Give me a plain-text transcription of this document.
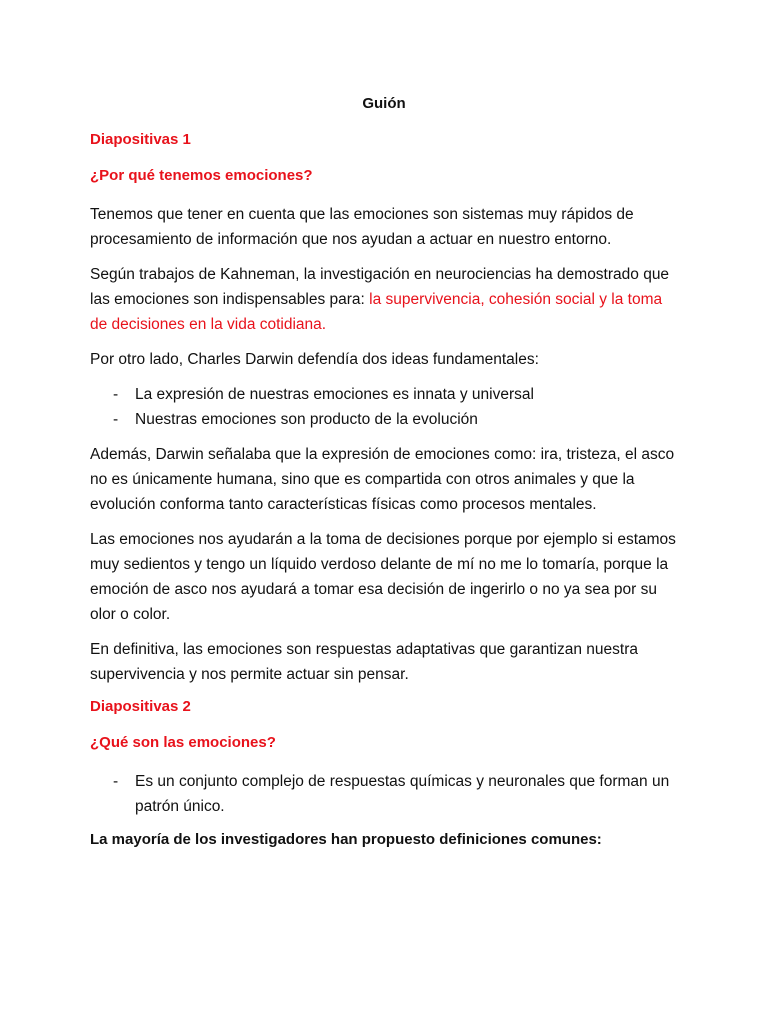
Guión
Diapositivas 1
¿Por qué tenemos emociones?

Tenemos que tener en cuenta que las emociones son sistemas muy rápidos de procesamiento de información que nos ayudan a actuar en nuestro entorno.

Según trabajos de Kahneman, la investigación en neurociencias ha demostrado que las emociones son indispensables para: la supervivencia, cohesión social y la toma de decisiones en la vida cotidiana.

Por otro lado, Charles Darwin defendía dos ideas fundamentales:

- La expresión de nuestras emociones es innata y universal
- Nuestras emociones son producto de la evolución

Además, Darwin señalaba que la expresión de emociones como: ira, tristeza, el asco no es únicamente humana, sino que es compartida con otros animales y que la evolución conforma tanto características físicas como procesos mentales.

Las emociones nos ayudarán a la toma de decisiones porque por ejemplo si estamos muy sedientos y tengo un líquido verdoso delante de mí no me lo tomaría, porque la emoción de asco nos ayudará a tomar esa decisión de ingerirlo o no ya sea por su olor o color.

En definitiva, las emociones son respuestas adaptativas que garantizan nuestra supervivencia y nos permite actuar sin pensar.

Diapositivas 2
¿Qué son las emociones?
- Es un conjunto complejo de respuestas químicas y neuronales que forman un patrón único.

La mayoría de los investigadores han propuesto definiciones comunes:
